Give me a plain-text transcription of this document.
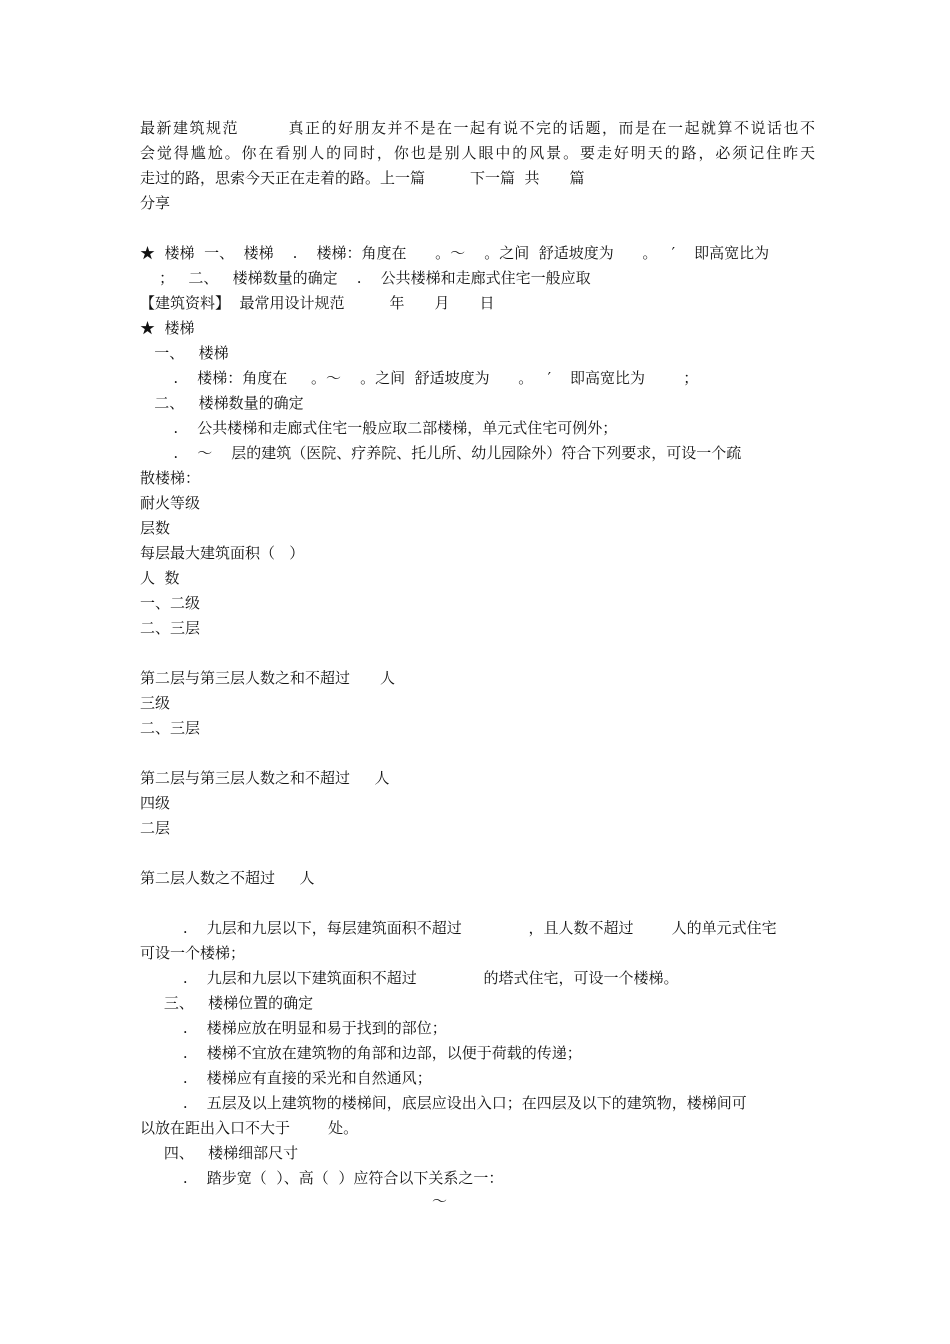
最新建筑规范　　　真正的好朋友并不是在一起有说不完的话题，而是在一起就算不说话也不
会觉得尴尬。你在看别人的同时，你也是别人眼中的风景。要走好明天的路，必须记住昨天
走过的路，思索今天正在走着的路。上一篇　　　下一篇  共　　篇
分享
★  楼梯  一、  楼梯    .    楼梯：角度在      。～    。之间  舒适坡度为      。   ′    即高宽比为
；   二、   楼梯数量的确定    .    公共楼梯和走廊式住宅一般应取
【建筑资料】  最常用设计规范　　　年　　月　　日
★  楼梯
一、   楼梯
.    楼梯：角度在     。～    。之间  舒适坡度为      。   ′    即高宽比为        ；
二、   楼梯数量的确定
.    公共楼梯和走廊式住宅一般应取二部楼梯，单元式住宅可例外；
.    ～    层的建筑（医院、疗养院、托儿所、幼儿园除外）符合下列要求，可设一个疏
散楼梯：
耐火等级
层数
每层最大建筑面积（   ）
人  数
一、二级
二、三层
第二层与第三层人数之和不超过　　人
三级
二、三层
第二层与第三层人数之和不超过　  人
四级
二层
第二层人数之不超过　  人
.    九层和九层以下，每层建筑面积不超过              ，且人数不超过        人的单元式住宅
可设一个楼梯；
.    九层和九层以下建筑面积不超过              的塔式住宅，可设一个楼梯。
三、   楼梯位置的确定
.    楼梯应放在明显和易于找到的部位；
.    楼梯不宜放在建筑物的角部和边部，以便于荷载的传递；
.    楼梯应有直接的采光和自然通风；
.    五层及以上建筑物的楼梯间，底层应设出入口；在四层及以下的建筑物，楼梯间可
以放在距出入口不大于        处。
四、   楼梯细部尺寸
.    踏步宽（  ）、高（  ）应符合以下关系之一：
～
